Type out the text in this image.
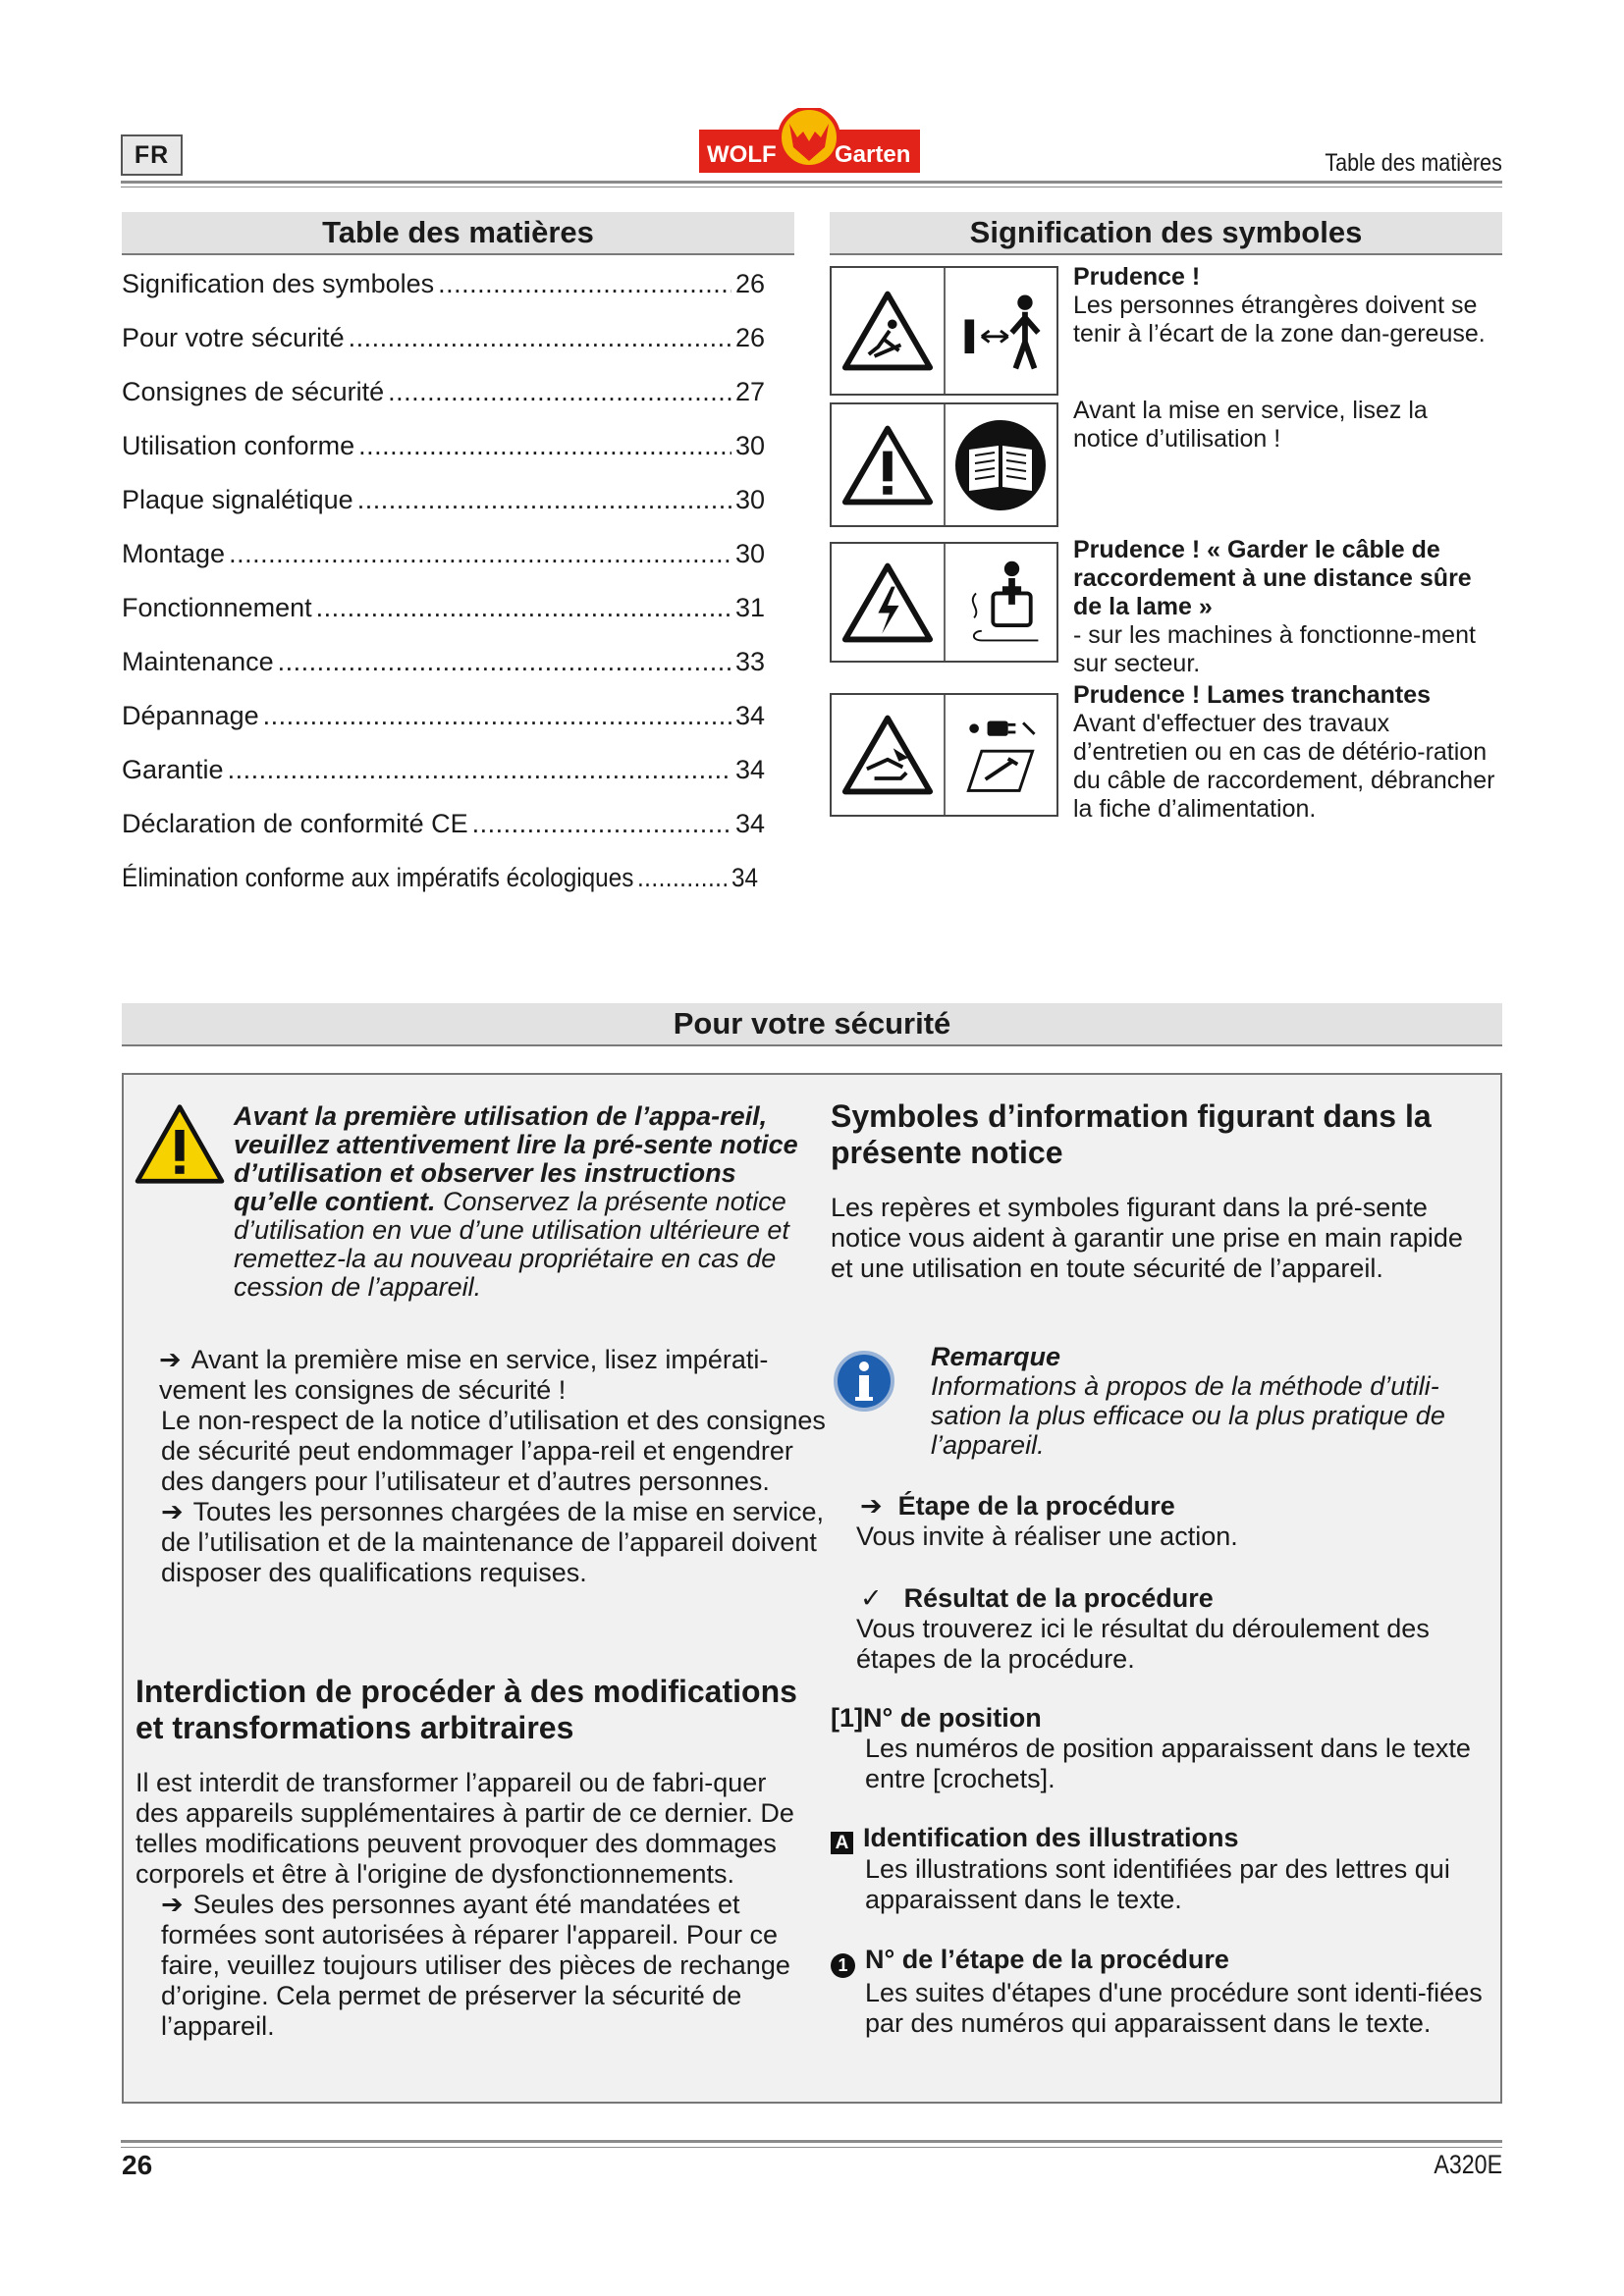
FR	WOLF Garten	Table des matières
Table des matières
Signification des symboles .....	26
Pour votre sécurité .....	26
Consignes de sécurité .....	27
Utilisation conforme .....	30
Plaque signalétique .....	30
Montage .....	30
Fonctionnement .....	31
Maintenance .....	33
Dépannage .....	34
Garantie .....	34
Déclaration de conformité CE .....	34
Élimination conforme aux impératifs écologiques .....	34
Signification des symboles
Prudence !
Les personnes étrangères doivent se tenir à l’écart de la zone dan-gereuse.
Avant la mise en service, lisez la notice d’utilisation !
Prudence ! « Garder le câble de raccordement à une distance sûre de la lame »
- sur les machines à fonctionne-ment sur secteur.
Prudence ! Lames tranchantes
Avant d'effectuer des travaux d’entretien ou en cas de détério-ration du câble de raccordement, débrancher la fiche d’alimentation.
Pour votre sécurité
Avant la première utilisation de l’appa-reil, veuillez attentivement lire la pré-sente notice d’utilisation et observer les instructions qu’elle contient. Conservez la présente notice d’utilisation en vue d’une utilisation ultérieure et remettez-la au nouveau propriétaire en cas de cession de l’appareil.
➔ Avant la première mise en service, lisez impérati-vement les consignes de sécurité !
Le non-respect de la notice d’utilisation et des consignes de sécurité peut endommager l’appa-reil et engendrer des dangers pour l’utilisateur et d’autres personnes.
➔ Toutes les personnes chargées de la mise en service, de l’utilisation et de la maintenance de l’appareil doivent disposer des qualifications requises.
Interdiction de procéder à des modifications et transformations arbitraires
Il est interdit de transformer l’appareil ou de fabri-quer des appareils supplémentaires à partir de ce dernier. De telles modifications peuvent provoquer des dommages corporels et être à l'origine de dysfonctionnements.
➔ Seules des personnes ayant été mandatées et formées sont autorisées à réparer l'appareil. Pour ce faire, veuillez toujours utiliser des pièces de rechange d’origine. Cela permet de préserver la sécurité de l’appareil.
Symboles d’information figurant dans la présente notice
Les repères et symboles figurant dans la pré-sente notice vous aident à garantir une prise en main rapide et une utilisation en toute sécurité de l’appareil.
Remarque
Informations à propos de la méthode d’utili-sation la plus efficace ou la plus pratique de l’appareil.
➔ Étape de la procédure
Vous invite à réaliser une action.
✓ Résultat de la procédure
Vous trouverez ici le résultat du déroulement des étapes de la procédure.
[1]N° de position
Les numéros de position apparaissent dans le texte entre [crochets].
A Identification des illustrations
Les illustrations sont identifiées par des lettres qui apparaissent dans le texte.
1 N° de l’étape de la procédure
Les suites d'étapes d'une procédure sont identi-fiées par des numéros qui apparaissent dans le texte.
26	A320E
